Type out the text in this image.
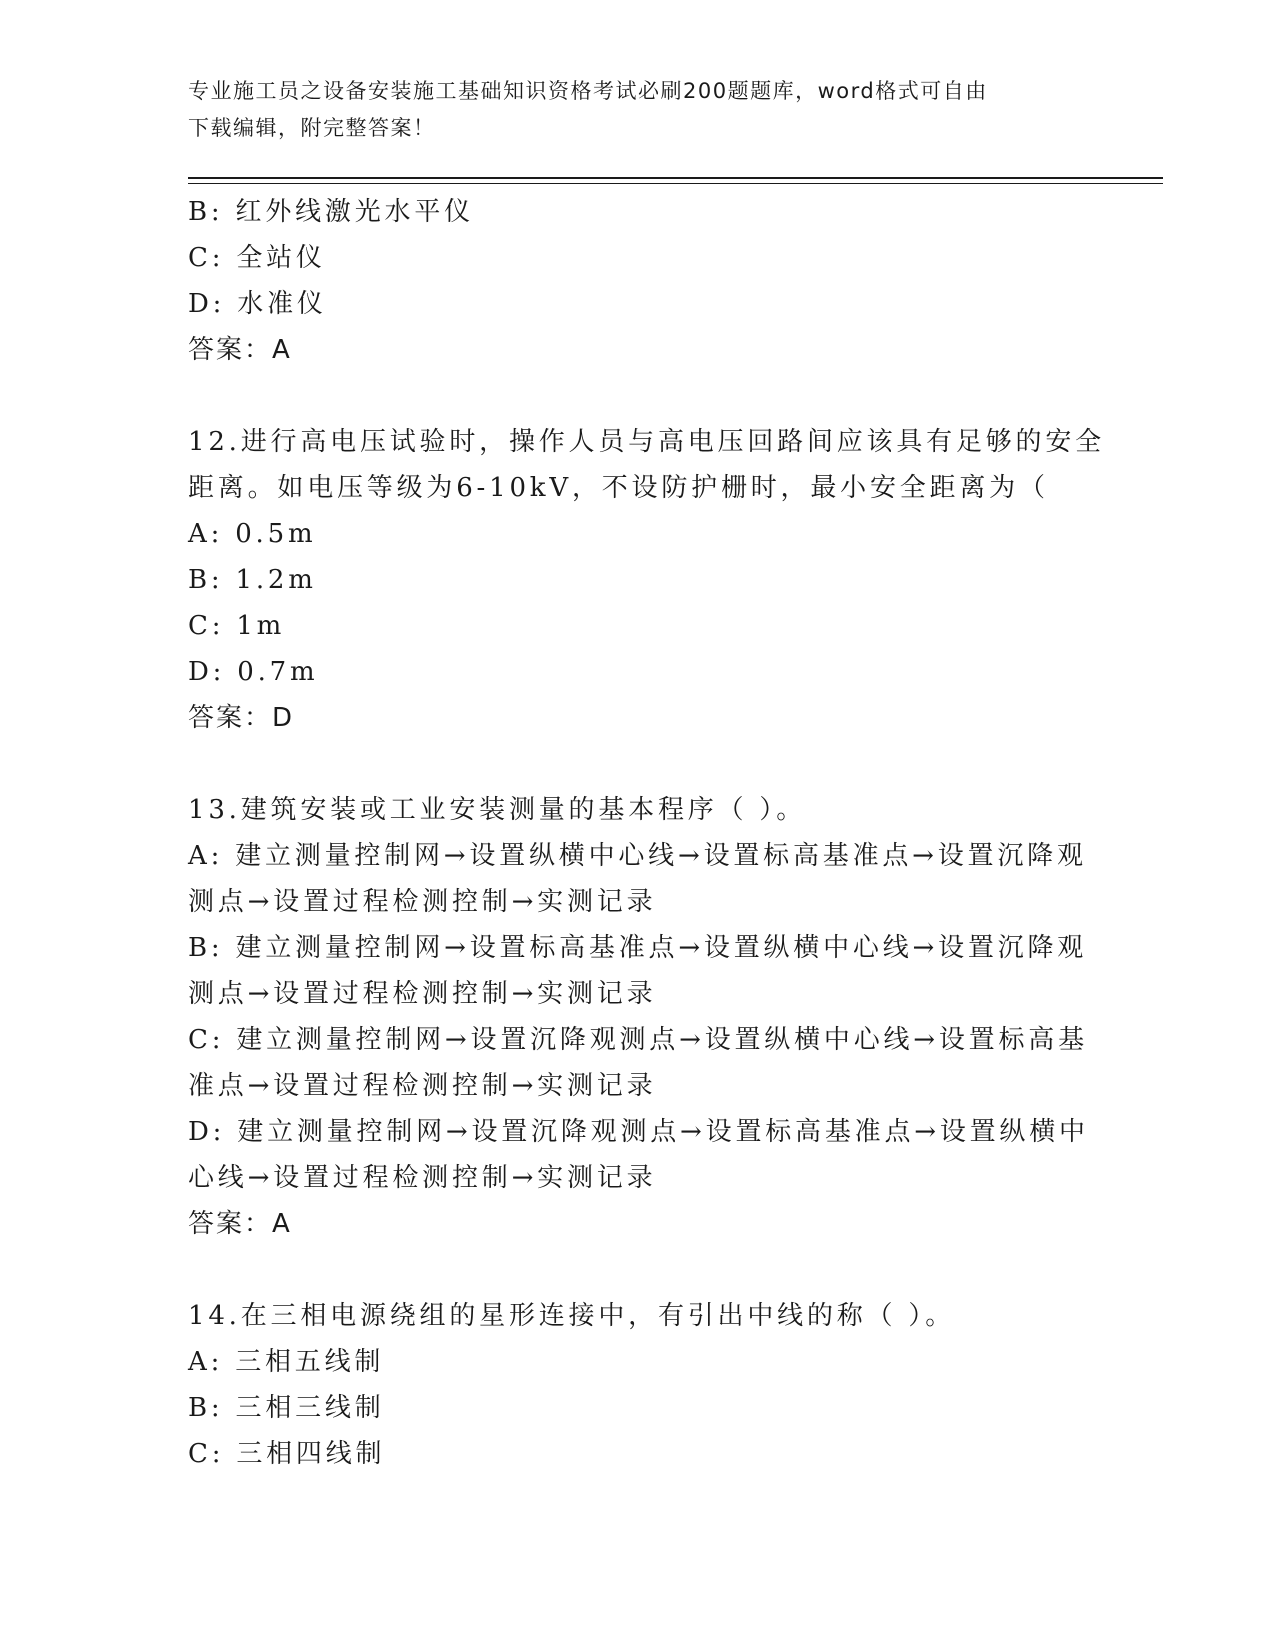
专业施工员之设备安装施工基础知识资格考试必刷200题题库，word格式可自由
下载编辑，附完整答案！
B: 红外线激光水平仪
C: 全站仪
D: 水准仪
答案：A
12.进行高电压试验时，操作人员与高电压回路间应该具有足够的安全
距离。如电压等级为6-10kV，不设防护栅时，最小安全距离为（
A: 0.5m
B: 1.2m
C: 1m
D: 0.7m
答案：D
13.建筑安装或工业安装测量的基本程序（ ）。
A: 建立测量控制网→设置纵横中心线→设置标高基准点→设置沉降观
测点→设置过程检测控制→实测记录
B: 建立测量控制网→设置标高基准点→设置纵横中心线→设置沉降观
测点→设置过程检测控制→实测记录
C: 建立测量控制网→设置沉降观测点→设置纵横中心线→设置标高基
准点→设置过程检测控制→实测记录
D: 建立测量控制网→设置沉降观测点→设置标高基准点→设置纵横中
心线→设置过程检测控制→实测记录
答案：A
14.在三相电源绕组的星形连接中，有引出中线的称（ ）。
A: 三相五线制
B: 三相三线制
C: 三相四线制
